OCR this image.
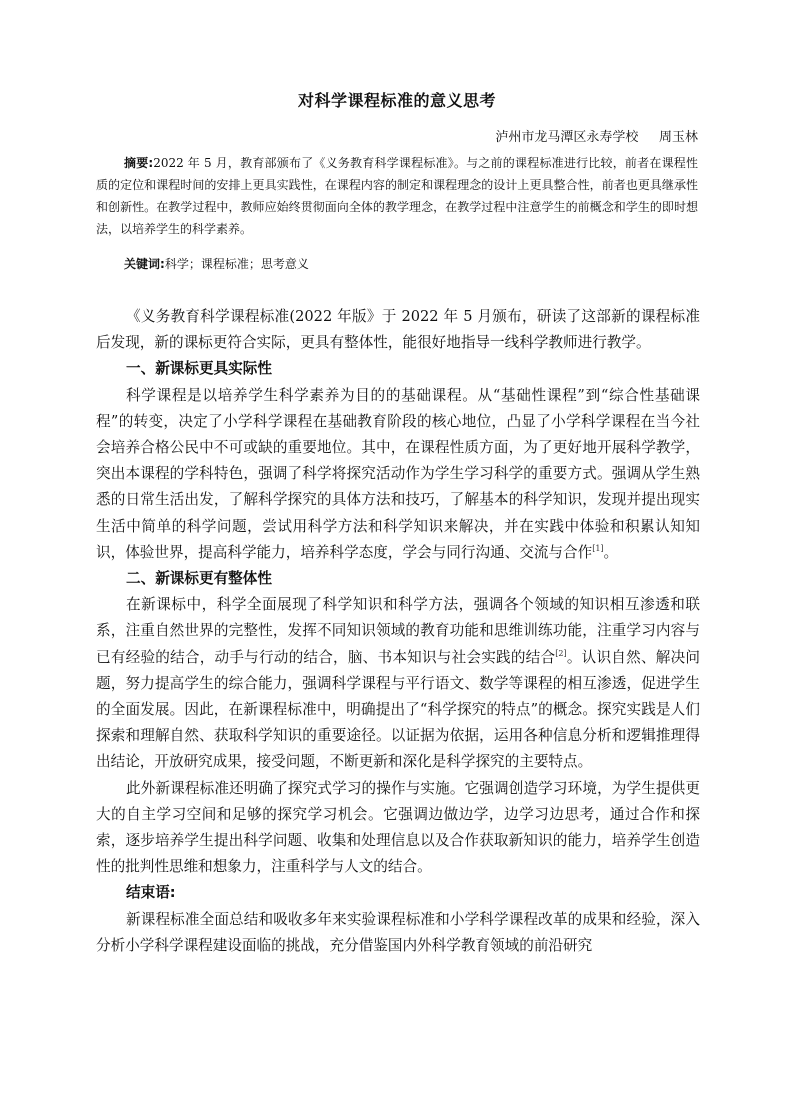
对科学课程标准的意义思考
泸州市龙马潭区永寿学校     周玉林
摘要:2022 年 5 月，教育部颁布了《义务教育科学课程标准》。与之前的课程标准进行比较，前者在课程性质的定位和课程时间的安排上更具实践性，在课程内容的制定和课程理念的设计上更具整合性，前者也更具继承性和创新性。在教学过程中，教师应始终贯彻面向全体的教学理念，在教学过程中注意学生的前概念和学生的即时想法，以培养学生的科学素养。
关键词:科学；课程标准；思考意义

《义务教育科学课程标准(2022 年版》于 2022 年 5 月颁布，研读了这部新的课程标准后发现，新的课标更符合实际，更具有整体性，能很好地指导一线科学教师进行教学。

一、新课标更具实际性

科学课程是以培养学生科学素养为目的的基础课程。从“基础性课程”到“综合性基础课程”的转变，决定了小学科学课程在基础教育阶段的核心地位，凸显了小学科学课程在当今社会培养合格公民中不可或缺的重要地位。其中，在课程性质方面，为了更好地开展科学教学，突出本课程的学科特色，强调了科学将探究活动作为学生学习科学的重要方式。强调从学生熟悉的日常生活出发，了解科学探究的具体方法和技巧，了解基本的科学知识，发现并提出现实生活中简单的科学问题，尝试用科学方法和科学知识来解决，并在实践中体验和积累认知知识，体验世界，提高科学能力，培养科学态度，学会与同行沟通、交流与合作[1]。

二、新课标更有整体性

在新课标中，科学全面展现了科学知识和科学方法，强调各个领域的知识相互渗透和联系，注重自然世界的完整性，发挥不同知识领域的教育功能和思维训练功能，注重学习内容与已有经验的结合，动手与行动的结合，脑、书本知识与社会实践的结合[2]。认识自然、解决问题，努力提高学生的综合能力，强调科学课程与平行语文、数学等课程的相互渗透，促进学生的全面发展。因此，在新课程标准中，明确提出了“科学探究的特点”的概念。探究实践是人们探索和理解自然、获取科学知识的重要途径。以证据为依据，运用各种信息分析和逻辑推理得出结论，开放研究成果，接受问题，不断更新和深化是科学探究的主要特点。

此外新课程标准还明确了探究式学习的操作与实施。它强调创造学习环境，为学生提供更大的自主学习空间和足够的探究学习机会。它强调边做边学，边学习边思考，通过合作和探索，逐步培养学生提出科学问题、收集和处理信息以及合作获取新知识的能力，培养学生创造性的批判性思维和想象力，注重科学与人文的结合。

结束语:

新课程标准全面总结和吸收多年来实验课程标准和小学科学课程改革的成果和经验，深入分析小学科学课程建设面临的挑战，充分借鉴国内外科学教育领域的前沿研究
